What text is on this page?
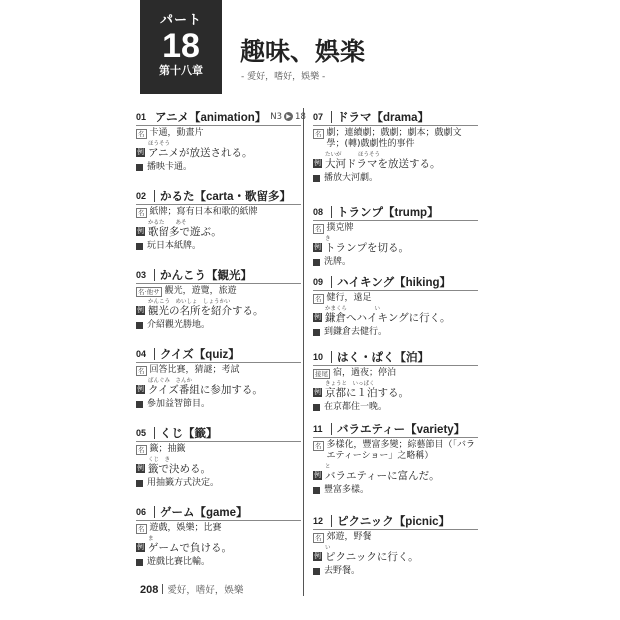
パート
18
第十八章
趣味、娯楽
- 愛好，嗜好，娛樂 -
01 アニメ【animation】 N3 ▶ 18
名 卡通，動畫片
ほうそう
例 アニメが放送される。
播映卡通。
02	かるた【carta・歌留多】
名 紙牌；寫有日本和歌的紙牌
かるた　　あそ
例 歌留多で遊ぶ。
玩日本紙牌。
03	かんこう【観光】
名‧他サ 觀光，遊覽，旅遊
かんこう　めいしょ　しょうかい
例 観光の名所を紹介する。
介紹觀光勝地。
04	クイズ【quiz】
名 回答比賽，猜謎；考試
ばんぐみ　さんか
例 クイズ番組に参加する。
參加益智節目。
05	くじ【籤】
名 籤；抽籤
くじ　き
例 籤で決める。
用抽籤方式決定。
06	ゲーム【game】
名 遊戲，娛樂；比賽
ま
例 ゲームで負ける。
遊戲比賽比輸。
07	ドラマ【drama】
名 劇；連續劇；戲劇；劇本；戲劇文學；(轉)戲劇性的事件
たいが　　　ほうそう
例 大河ドラマを放送する。
播放大河劇。
08	トランプ【trump】
名 撲克牌
き
例 トランプを切る。
洗牌。
09	ハイキング【hiking】
名 健行，遠足
かまくら　　　　　い
例 鎌倉へハイキングに行く。
到鎌倉去健行。
10	はく・ぱく【泊】
接尾 宿，過夜；停泊
きょうと　いっぱく
例 京都に１泊する。
在京都住一晚。
11	バラエティー【variety】
名 多樣化，豐富多變；綜藝節目（「バラエティーショー」之略稱）
と
例 バラエティーに富んだ。
豐富多樣。
12	ピクニック【picnic】
名 郊遊，野餐
い
例 ピクニックに行く。
去野餐。
208 愛好，嗜好，娛樂
